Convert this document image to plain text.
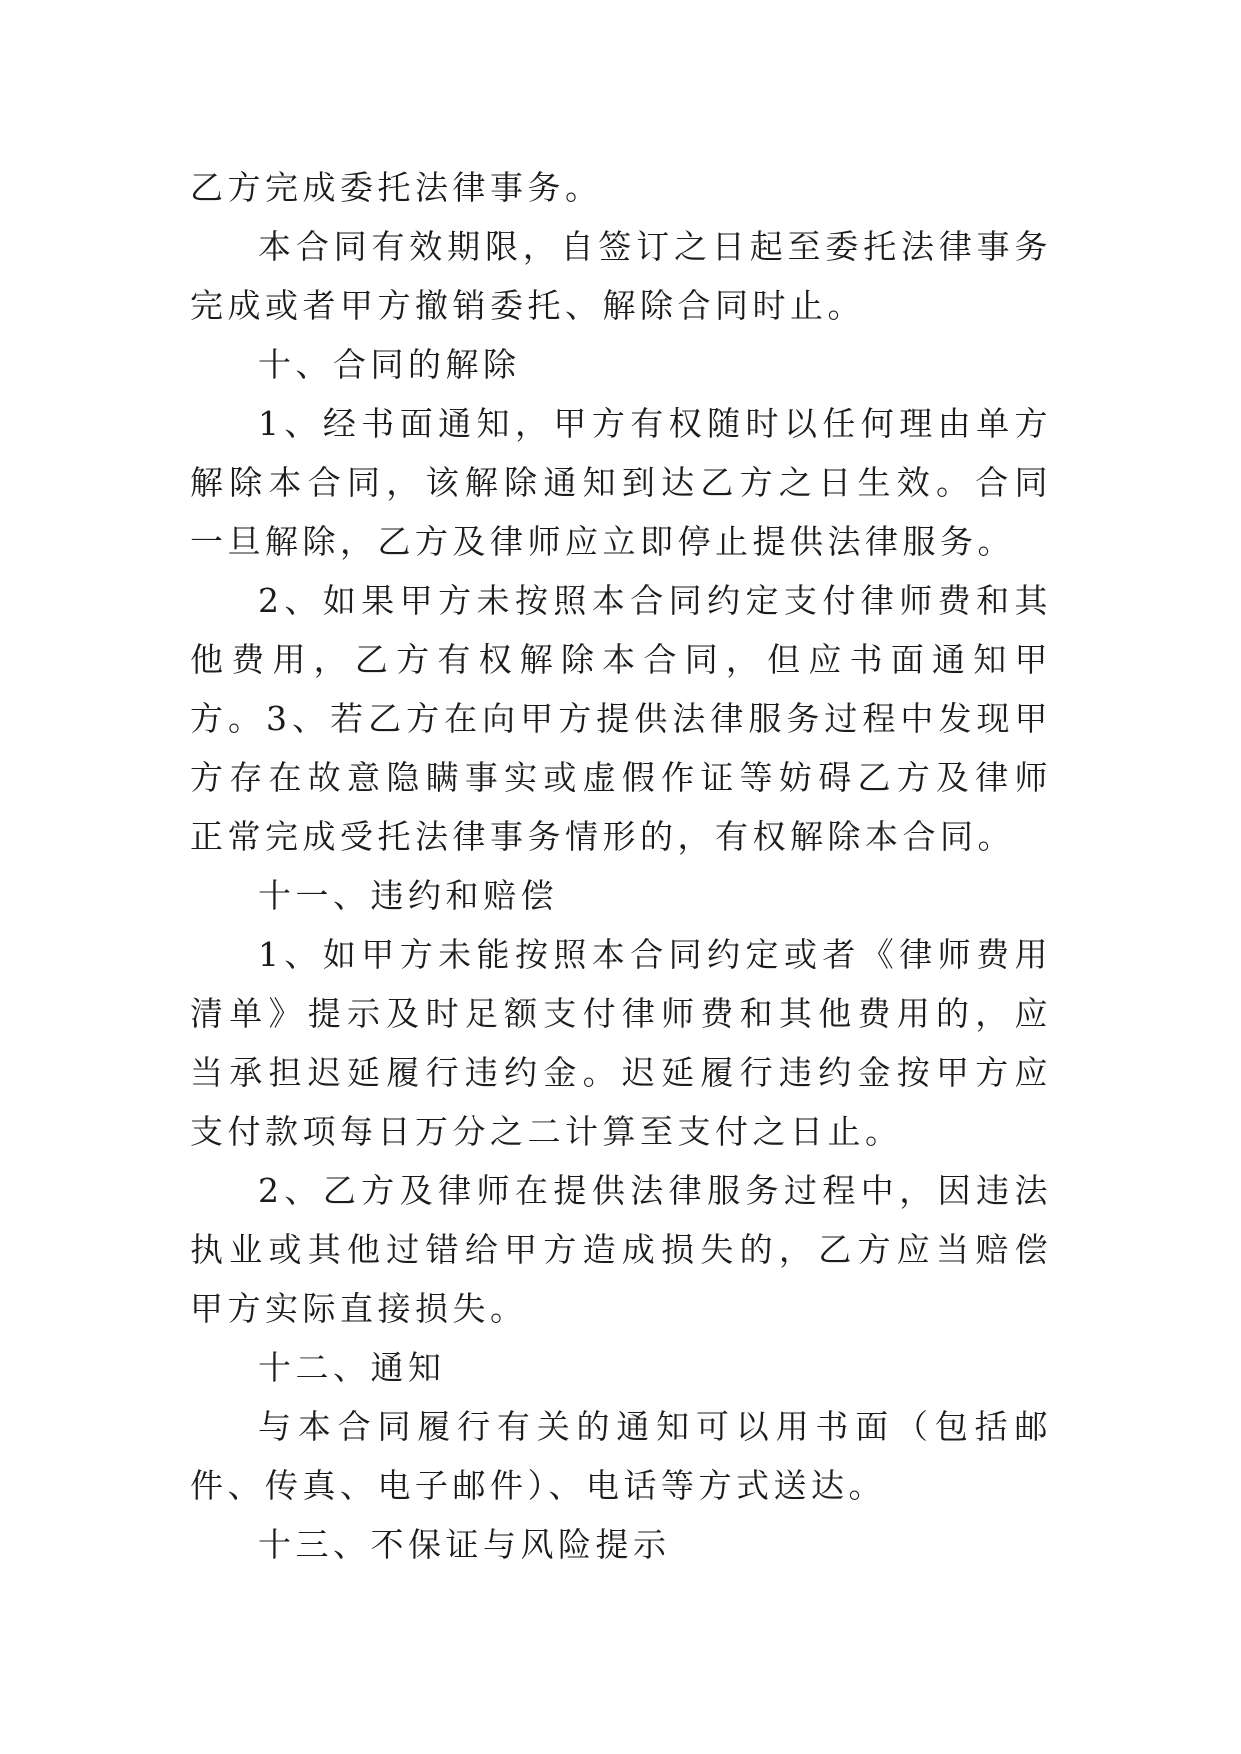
乙方完成委托法律事务。

本合同有效期限，自签订之日起至委托法律事务完成或者甲方撤销委托、解除合同时止。

十、合同的解除

1、经书面通知，甲方有权随时以任何理由单方解除本合同，该解除通知到达乙方之日生效。合同一旦解除，乙方及律师应立即停止提供法律服务。

2、如果甲方未按照本合同约定支付律师费和其他费用，乙方有权解除本合同，但应书面通知甲方。3、若乙方在向甲方提供法律服务过程中发现甲方存在故意隐瞒事实或虚假作证等妨碍乙方及律师正常完成受托法律事务情形的，有权解除本合同。

十一、违约和赔偿

1、如甲方未能按照本合同约定或者《律师费用清单》提示及时足额支付律师费和其他费用的，应当承担迟延履行违约金。迟延履行违约金按甲方应支付款项每日万分之二计算至支付之日止。

2、乙方及律师在提供法律服务过程中，因违法执业或其他过错给甲方造成损失的，乙方应当赔偿甲方实际直接损失。

十二、通知

与本合同履行有关的通知可以用书面（包括邮件、传真、电子邮件）、电话等方式送达。

十三、不保证与风险提示
